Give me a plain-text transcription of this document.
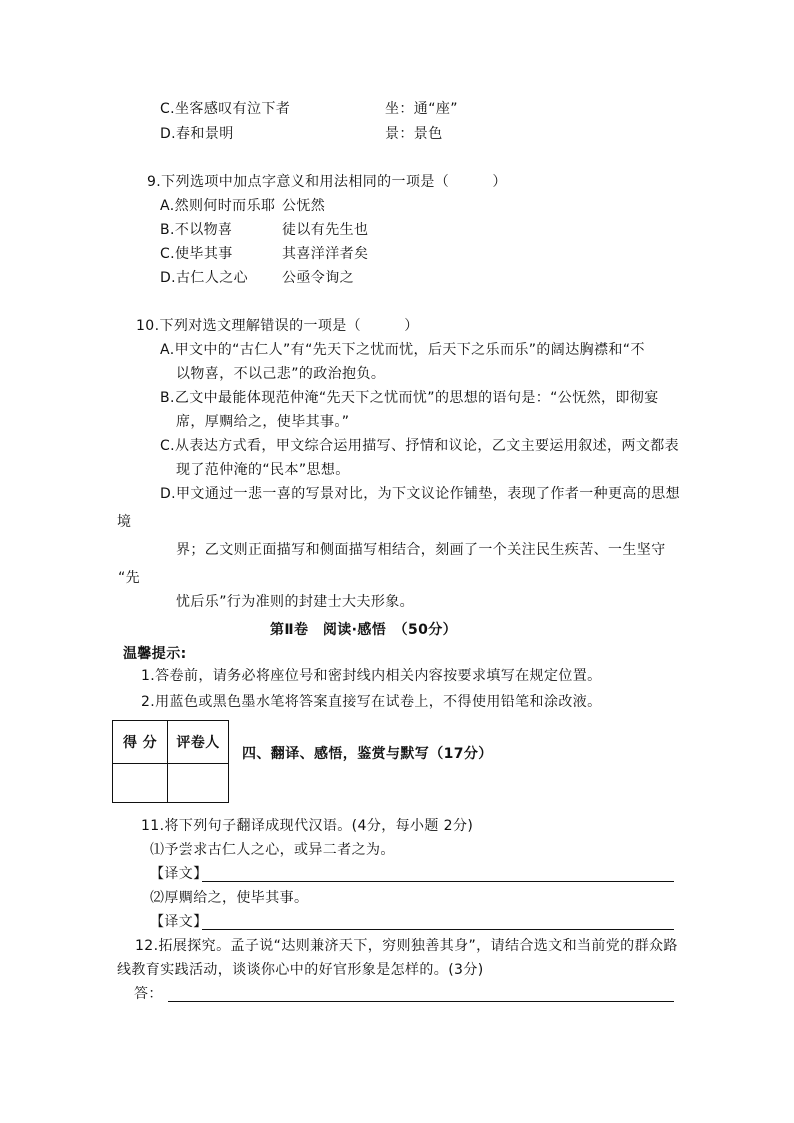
C.坐客感叹有泣下者	坐：通“座”
D.春和景明	景：景色
9.下列选项中加点字意义和用法相同的一项是（　　　）
A.然则何时而乐耶 公怃然
B.不以物喜	徒以有先生也
C.使毕其事	其喜洋洋者矣
D.古仁人之心 公亟令询之
10.下列对选文理解错误的一项是（　　　）
A.甲文中的“古仁人”有“先天下之忧而忧，后天下之乐而乐”的阔达胸襟和“不
以物喜，不以己悲”的政治抱负。
B.乙文中最能体现范仲淹“先天下之忧而忧”的思想的语句是：“公怃然，即彻宴
席，厚赒给之，使毕其事。”
C.从表达方式看，甲文综合运用描写、抒情和议论，乙文主要运用叙述，两文都表
现了范仲淹的“民本”思想。
D.甲文通过一悲一喜的写景对比，为下文议论作铺垫，表现了作者一种更高的思想
境
界；乙文则正面描写和侧面描写相结合，刻画了一个关注民生疾苦、一生坚守
“先
忧后乐”行为准则的封建士大夫形象。
第Ⅱ卷　阅读·感悟　（50分）
温馨提示:
1.答卷前，请务必将座位号和密封线内相关内容按要求填写在规定位置。
2.用蓝色或黑色墨水笔将答案直接写在试卷上，不得使用铅笔和涂改液。
得 分	评卷人

四、翻译、感悟，鉴赏与默写（17分）
11.将下列句子翻译成现代汉语。(4分，每小题 2分)
⑴予尝求古仁人之心，或异二者之为。
【译文】
⑵厚赒给之，使毕其事。
【译文】
12.拓展探究。孟子说“达则兼济天下，穷则独善其身”，请结合选文和当前党的群众路
线教育实践活动，谈谈你心中的好官形象是怎样的。(3分)
答：
